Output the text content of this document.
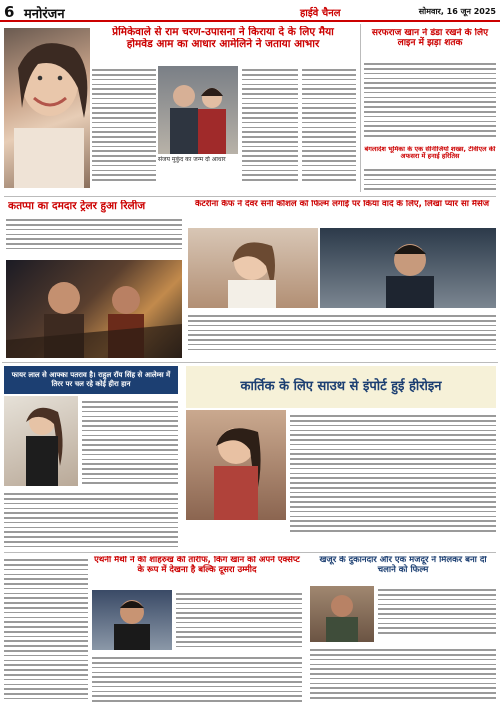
6 मनोरंजन	हाईवे चैनल	सोमवार, 16 जून 2025
प्रेमिकेवाले से राम चरण-उपासना ने किराया दे के लिए मैया
होमवेड आम का आधार आमेलिने ने जताया आभार
संजय मुकुंद का जन्म दो आधार
सरफराज खान ने डंडा रखने के लिए लाइन में झड़ा शतक
बंगलादेश भूमिका के एक सीनीजियों शख्स, टीवीएल की अफसरा में हनाई हरितिस
कतप्पा का दमदार ट्रेलर हुआ रिलीज	कैटरीना कैफ ने देवर सनी कौशल को फिल्म लगाई पर किया वादे के लिए, लिखा प्यार सा मैसेज
फायर लाल से आफ्का पतराव है। राहुल रॉय सिंह से आलेम्स में तिरर पर चल रहे कोई हीरा हान	कार्तिक के लिए साउथ से इंपोर्ट हुई हीरोइन
एंथनी मैथी ने की शाहरुख की तारीफ, किंग खान को अपने एक्सेप्ट के रूप में देखना है बल्कि दूसरा उम्मीद
खजूर के दुकानदार और एक मजदूर ने मिलकर बना दी चलाने को फिल्म
